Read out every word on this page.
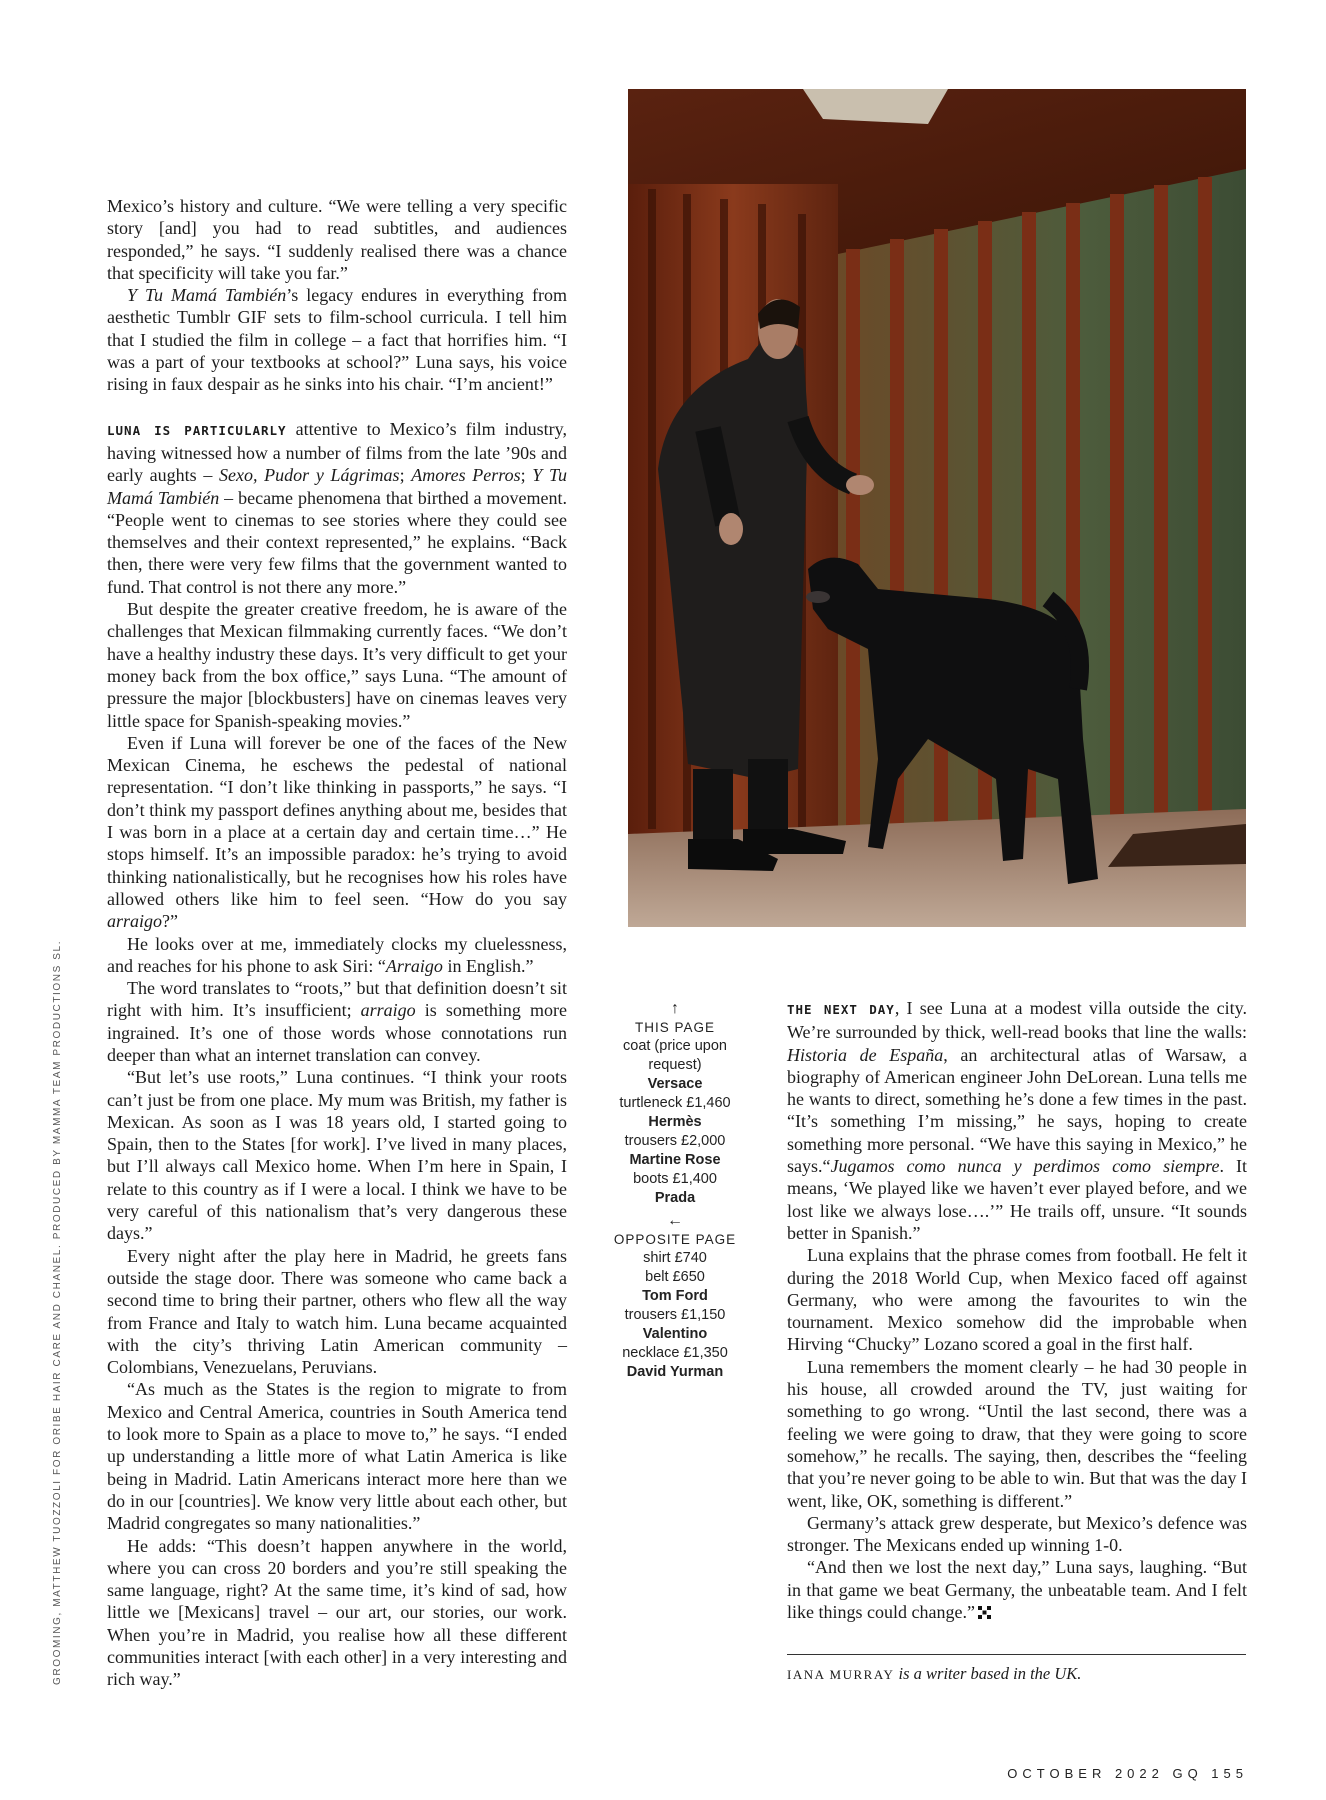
GROOMING, MATTHEW TUOZZOLI FOR ORIBE HAIR CARE AND CHANEL. PRODUCED BY MAMMA TEAM PRODUCTIONS SL.

Mexico’s history and culture. “We were telling a very specific story [and] you had to read subtitles, and audiences responded,” he says. “I suddenly realised there was a chance that specificity will take you far.”

Y Tu Mamá También’s legacy endures in everything from aesthetic Tumblr GIF sets to film-school curricula. I tell him that I studied the film in college – a fact that horrifies him. “I was a part of your textbooks at school?” Luna says, his voice rising in faux despair as he sinks into his chair. “I’m ancient!”

LUNA IS PARTICULARLY attentive to Mexico’s film industry, having witnessed how a number of films from the late ’90s and early aughts – Sexo, Pudor y Lágrimas; Amores Perros; Y Tu Mamá También – became phenomena that birthed a movement. “People went to cinemas to see stories where they could see themselves and their context represented,” he explains. “Back then, there were very few films that the government wanted to fund. That control is not there any more.”

But despite the greater creative freedom, he is aware of the challenges that Mexican filmmaking currently faces. “We don’t have a healthy industry these days. It’s very difficult to get your money back from the box office,” says Luna. “The amount of pressure the major [blockbusters] have on cinemas leaves very little space for Spanish-speaking movies.”

Even if Luna will forever be one of the faces of the New Mexican Cinema, he eschews the pedestal of national representation. “I don’t like thinking in passports,” he says. “I don’t think my passport defines anything about me, besides that I was born in a place at a certain day and certain time…” He stops himself. It’s an impossible paradox: he’s trying to avoid thinking nationalistically, but he recognises how his roles have allowed others like him to feel seen. “How do you say arraigo?”

He looks over at me, immediately clocks my cluelessness, and reaches for his phone to ask Siri: “Arraigo in English.”

The word translates to “roots,” but that definition doesn’t sit right with him. It’s insufficient; arraigo is something more ingrained. It’s one of those words whose connotations run deeper than what an internet translation can convey.

“But let’s use roots,” Luna continues. “I think your roots can’t just be from one place. My mum was British, my father is Mexican. As soon as I was 18 years old, I started going to Spain, then to the States [for work]. I’ve lived in many places, but I’ll always call Mexico home. When I’m here in Spain, I relate to this country as if I were a local. I think we have to be very careful of this nationalism that’s very dangerous these days.”

Every night after the play here in Madrid, he greets fans outside the stage door. There was someone who came back a second time to bring their partner, others who flew all the way from France and Italy to watch him. Luna became acquainted with the city’s thriving Latin American community – Colombians, Venezuelans, Peruvians.

“As much as the States is the region to migrate to from Mexico and Central America, countries in South America tend to look more to Spain as a place to move to,” he says. “I ended up understanding a little more of what Latin America is like being in Madrid. Latin Americans interact more here than we do in our [countries]. We know very little about each other, but Madrid congregates so many nationalities.”

He adds: “This doesn’t happen anywhere in the world, where you can cross 20 borders and you’re still speaking the same language, right? At the same time, it’s kind of sad, how little we [Mexicans] travel – our art, our stories, our work. When you’re in Madrid, you realise how all these different communities interact [with each other] in a very interesting and rich way.”

↑
THIS PAGE
coat (price upon request)
Versace
turtleneck £1,460
Hermès
trousers £2,000
Martine Rose
boots £1,400
Prada
←
OPPOSITE PAGE
shirt £740
belt £650
Tom Ford
trousers £1,150
Valentino
necklace £1,350
David Yurman

THE NEXT DAY, I see Luna at a modest villa outside the city. We’re surrounded by thick, well-read books that line the walls: Historia de España, an architectural atlas of Warsaw, a biography of American engineer John DeLorean. Luna tells me he wants to direct, something he’s done a few times in the past. “It’s something I’m missing,” he says, hoping to create something more personal. “We have this saying in Mexico,” he says.“Jugamos como nunca y perdimos como siempre. It means, ‘We played like we haven’t ever played before, and we lost like we always lose….’” He trails off, unsure. “It sounds better in Spanish.”

Luna explains that the phrase comes from football. He felt it during the 2018 World Cup, when Mexico faced off against Germany, who were among the favourites to win the tournament. Mexico somehow did the improbable when Hirving “Chucky” Lozano scored a goal in the first half.

Luna remembers the moment clearly – he had 30 people in his house, all crowded around the TV, just waiting for something to go wrong. “Until the last second, there was a feeling we were going to draw, that they were going to score somehow,” he recalls. The saying, then, describes the “feeling that you’re never going to be able to win. But that was the day I went, like, OK, something is different.”

Germany’s attack grew desperate, but Mexico’s defence was stronger. The Mexicans ended up winning 1-0.

“And then we lost the next day,” Luna says, laughing. “But in that game we beat Germany, the unbeatable team. And I felt like things could change.”

IANA MURRAY is a writer based in the UK.
OCTOBER 2022 GQ 155
